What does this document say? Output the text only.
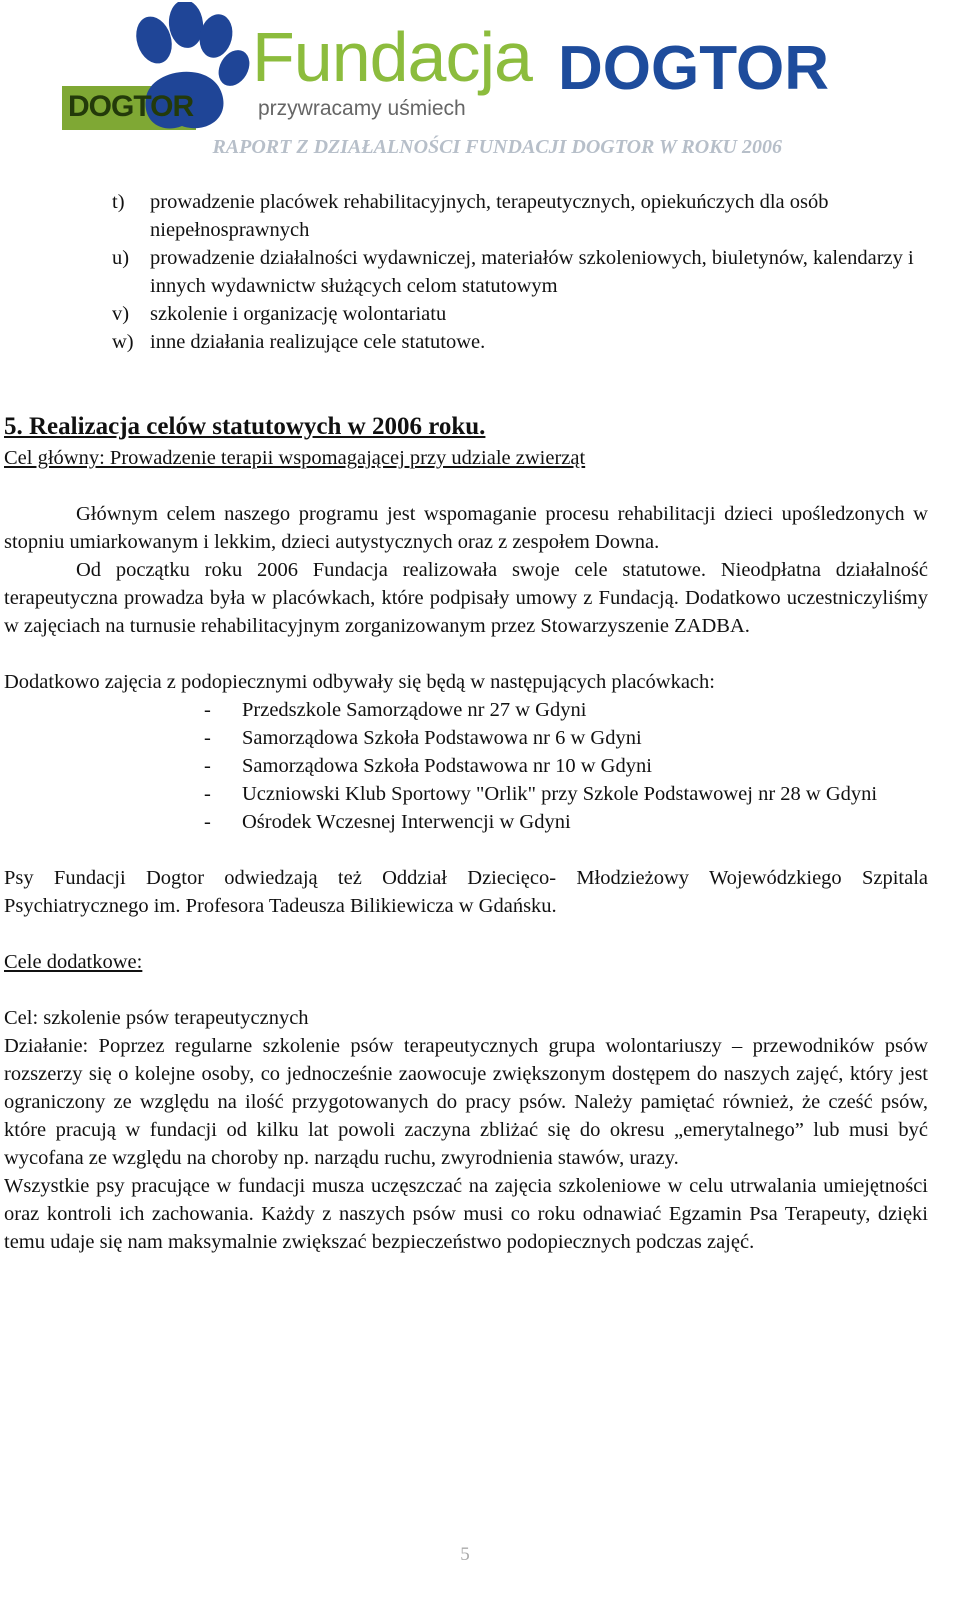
DOGTOR
Fundacja DOGTOR
przywracamy uśmiech
RAPORT Z DZIAŁALNOŚCI FUNDACJI DOGTOR W ROKU 2006
t) prowadzenie placówek rehabilitacyjnych, terapeutycznych, opiekuńczych dla osób niepełnosprawnych
u) prowadzenie działalności wydawniczej, materiałów szkoleniowych, biuletynów, kalendarzy i innych wydawnictw służących celom statutowym
v) szkolenie i organizację wolontariatu
w) inne działania realizujące cele statutowe.
5. Realizacja celów statutowych w 2006 roku.

Cel główny: Prowadzenie terapii wspomagającej przy udziale zwierząt

Głównym celem naszego programu jest wspomaganie procesu rehabilitacji dzieci upośledzonych w stopniu umiarkowanym i lekkim, dzieci autystycznych oraz z zespołem Downa.

Od początku roku 2006 Fundacja realizowała swoje cele statutowe. Nieodpłatna działalność terapeutyczna prowadza była w placówkach, które podpisały umowy z Fundacją. Dodatkowo uczestniczyliśmy w zajęciach na turnusie rehabilitacyjnym zorganizowanym przez Stowarzyszenie ZADBA.

Dodatkowo zajęcia z podopiecznymi odbywały się będą w następujących placówkach:

- Przedszkole Samorządowe nr 27 w Gdyni
- Samorządowa Szkoła Podstawowa nr 6 w Gdyni
- Samorządowa Szkoła Podstawowa nr 10 w Gdyni
- Uczniowski Klub Sportowy "Orlik" przy Szkole Podstawowej nr 28 w Gdyni
- Ośrodek Wczesnej Interwencji w Gdyni

Psy Fundacji Dogtor odwiedzają też Oddział Dziecięco- Młodzieżowy Wojewódzkiego Szpitala Psychiatrycznego im. Profesora Tadeusza Bilikiewicza w Gdańsku.

Cele dodatkowe:

Cel: szkolenie psów terapeutycznych

Działanie: Poprzez regularne szkolenie psów terapeutycznych grupa wolontariuszy – przewodników psów rozszerzy się o kolejne osoby, co jednocześnie zaowocuje zwiększonym dostępem do naszych zajęć, który jest ograniczony ze względu na ilość przygotowanych do pracy psów. Należy pamiętać również, że cześć psów, które pracują w fundacji od kilku lat powoli zaczyna zbliżać się do okresu „emerytalnego” lub musi być wycofana ze względu na choroby np. narządu ruchu, zwyrodnienia stawów, urazy.

Wszystkie psy pracujące w fundacji musza uczęszczać na zajęcia szkoleniowe w celu utrwalania umiejętności oraz kontroli ich zachowania. Każdy z naszych psów musi co roku odnawiać Egzamin Psa Terapeuty, dzięki temu udaje się nam maksymalnie zwiększać bezpieczeństwo podopiecznych podczas zajęć.

5
